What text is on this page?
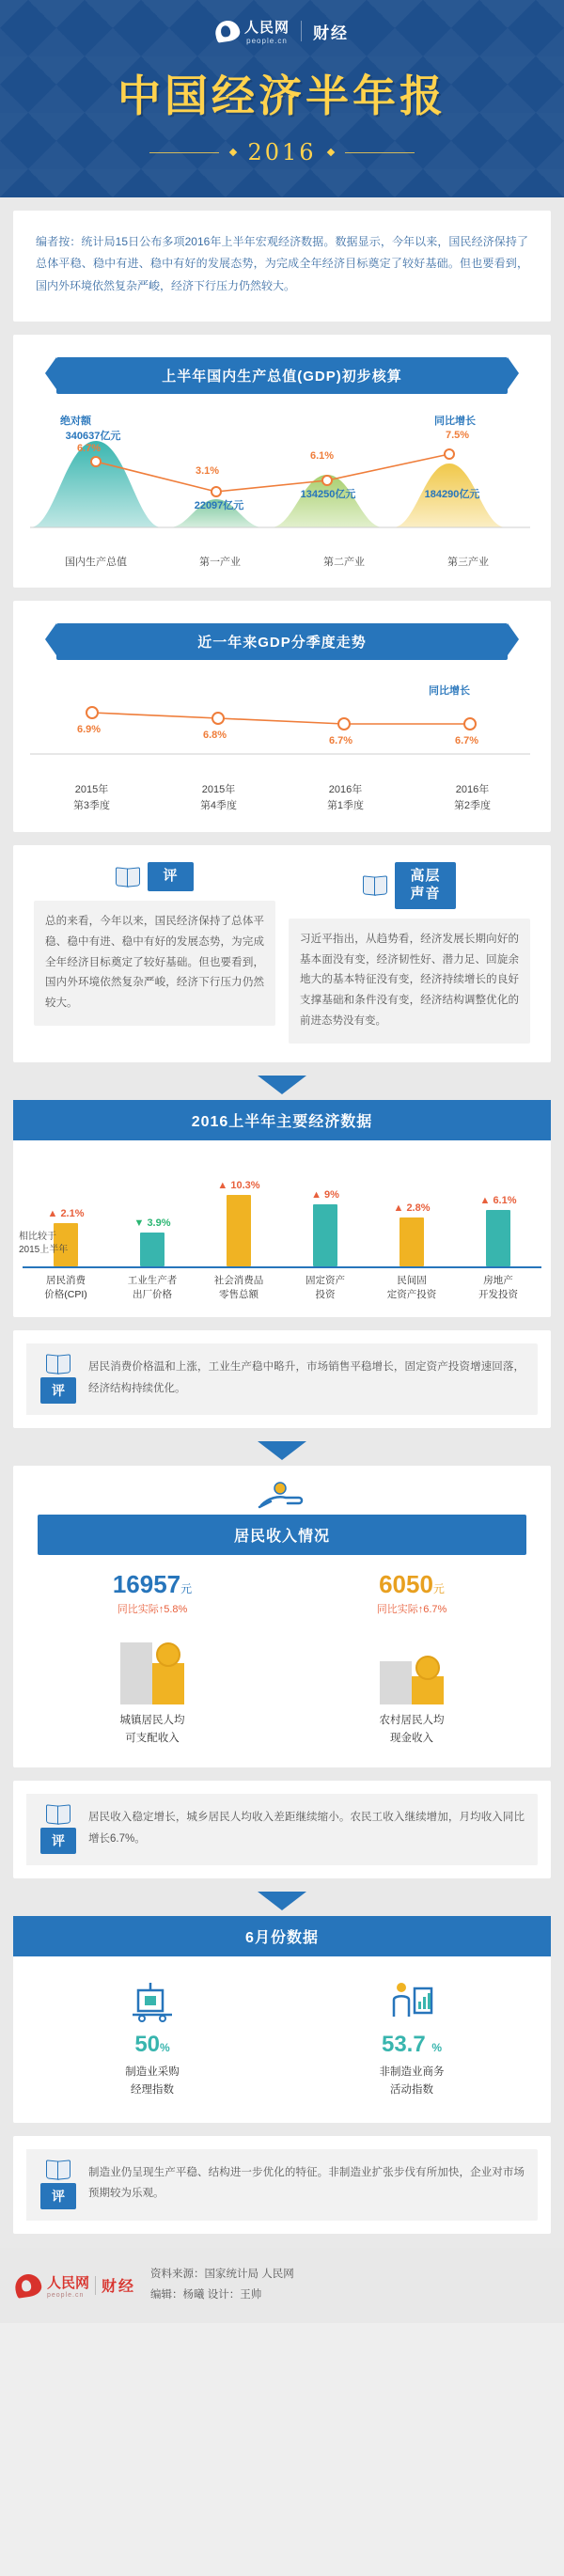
人民网
people.cn 财经
中国经济半年报
2016
编者按：统计局15日公布多项2016年上半年宏观经济数据。数据显示，今年以来，国民经济保持了总体平稳、稳中有进、稳中有好的发展态势，为完成全年经济目标奠定了较好基础。但也要看到，国内外环境依然复杂严峻，经济下行压力仍然较大。
上半年国内生产总值(GDP)初步核算
绝对额
340637亿元
6.7%
3.1%
22097亿元
6.1%
134250亿元
同比增长
7.5%
184290亿元
国内生产总值	第一产业	第二产业	第三产业
近一年来GDP分季度走势
同比增长
6.9%	6.8%	6.7%	6.7%
2015年
第3季度
2015年
第4季度
2016年
第1季度
2016年
第2季度
评
总的来看，今年以来，国民经济保持了总体平稳、稳中有进、稳中有好的发展态势，为完成全年经济目标奠定了较好基础。但也要看到，国内外环境依然复杂严峻，经济下行压力仍然较大。
高层
声音
习近平指出，从趋势看，经济发展长期向好的基本面没有变，经济韧性好、潜力足、回旋余地大的基本特征没有变，经济持续增长的良好支撑基础和条件没有变，经济结构调整优化的前进态势没有变。
2016上半年主要经济数据
▲ 2.1%
▼ 3.9%
▲ 10.3%
▲ 9%
▲ 2.8%
▲ 6.1%
居民消费
价格(CPI)
工业生产者
出厂价格
社会消费品
零售总额
固定资产
投资
民间固
定资产投资
房地产
开发投资
相比较于
2015上半年
评
居民消费价格温和上涨，工业生产稳中略升，市场销售平稳增长，固定资产投资增速回落，经济结构持续优化。
居民收入情况
16957元
同比实际↑5.8%
城镇居民人均
可支配收入
6050元
同比实际↑6.7%
农村居民人均
现金收入
评
居民收入稳定增长，城乡居民人均收入差距继续缩小。农民工收入继续增加，月均收入同比增长6.7%。
6月份数据
50%
制造业采购
经理指数
53.7 %
非制造业商务
活动指数
评
制造业仍呈现生产平稳、结构进一步优化的特征。非制造业扩张步伐有所加快，企业对市场预期较为乐观。
人民网
people.cn	财经
资料来源：国家统计局 人民网
编辑：杨曦 设计：王帅
